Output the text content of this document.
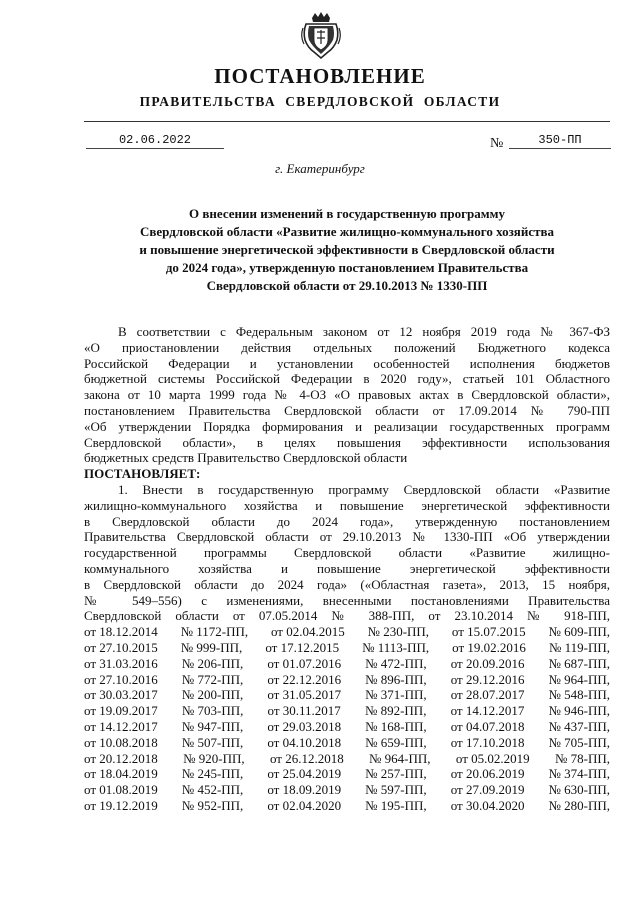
ПОСТАНОВЛЕНИЕ
ПРАВИТЕЛЬСТВА  СВЕРДЛОВСКОЙ  ОБЛАСТИ
02.06.2022	№	350-ПП
г. Екатеринбург
О внесении изменений в государственную программу
Свердловской области «Развитие жилищно-коммунального хозяйства
и повышение энергетической эффективности в Свердловской области
до 2024 года», утвержденную постановлением Правительства
Свердловской области от 29.10.2013 № 1330-ПП
В соответствии с Федеральным законом от 12 ноября 2019 года № 367-ФЗ
«О приостановлении действия отдельных положений Бюджетного кодекса
Российской Федерации и установлении особенностей исполнения бюджетов
бюджетной системы Российской Федерации в 2020 году», статьей 101 Областного
закона от 10 марта 1999 года № 4-ОЗ «О правовых актах в Свердловской области»,
постановлением Правительства Свердловской области от 17.09.2014 № 790-ПП
«Об утверждении Порядка формирования и реализации государственных программ
Свердловской области», в целях повышения эффективности использования
бюджетных средств Правительство Свердловской области
ПОСТАНОВЛЯЕТ:
1. Внести в государственную программу Свердловской области «Развитие
жилищно-коммунального хозяйства и повышение энергетической эффективности
в Свердловской области до 2024 года», утвержденную постановлением
Правительства Свердловской области от 29.10.2013 № 1330-ПП «Об утверждении
государственной программы Свердловской области «Развитие жилищно-
коммунального хозяйства и повышение энергетической эффективности
в Свердловской области до 2024 года» («Областная газета», 2013, 15 ноября,
№ 549–556) с изменениями, внесенными постановлениями Правительства
Свердловской области от 07.05.2014 № 388-ПП, от 23.10.2014 № 918-ПП,
от 18.12.2014 № 1172-ПП, от 02.04.2015 № 230-ПП, от 15.07.2015 № 609-ПП,
от 27.10.2015 № 999-ПП, от 17.12.2015 № 1113-ПП, от 19.02.2016 № 119-ПП,
от 31.03.2016 № 206-ПП, от 01.07.2016 № 472-ПП, от 20.09.2016 № 687-ПП,
от 27.10.2016 № 772-ПП, от 22.12.2016 № 896-ПП, от 29.12.2016 № 964-ПП,
от 30.03.2017 № 200-ПП, от 31.05.2017 № 371-ПП, от 28.07.2017 № 548-ПП,
от 19.09.2017 № 703-ПП, от 30.11.2017 № 892-ПП, от 14.12.2017 № 946-ПП,
от 14.12.2017 № 947-ПП, от 29.03.2018 № 168-ПП, от 04.07.2018 № 437-ПП,
от 10.08.2018 № 507-ПП, от 04.10.2018 № 659-ПП, от 17.10.2018 № 705-ПП,
от 20.12.2018 № 920-ПП, от 26.12.2018 № 964-ПП, от 05.02.2019 № 78-ПП,
от 18.04.2019 № 245-ПП, от 25.04.2019 № 257-ПП, от 20.06.2019 № 374-ПП,
от 01.08.2019 № 452-ПП, от 18.09.2019 № 597-ПП, от 27.09.2019 № 630-ПП,
от 19.12.2019 № 952-ПП, от 02.04.2020 № 195-ПП, от 30.04.2020 № 280-ПП,
